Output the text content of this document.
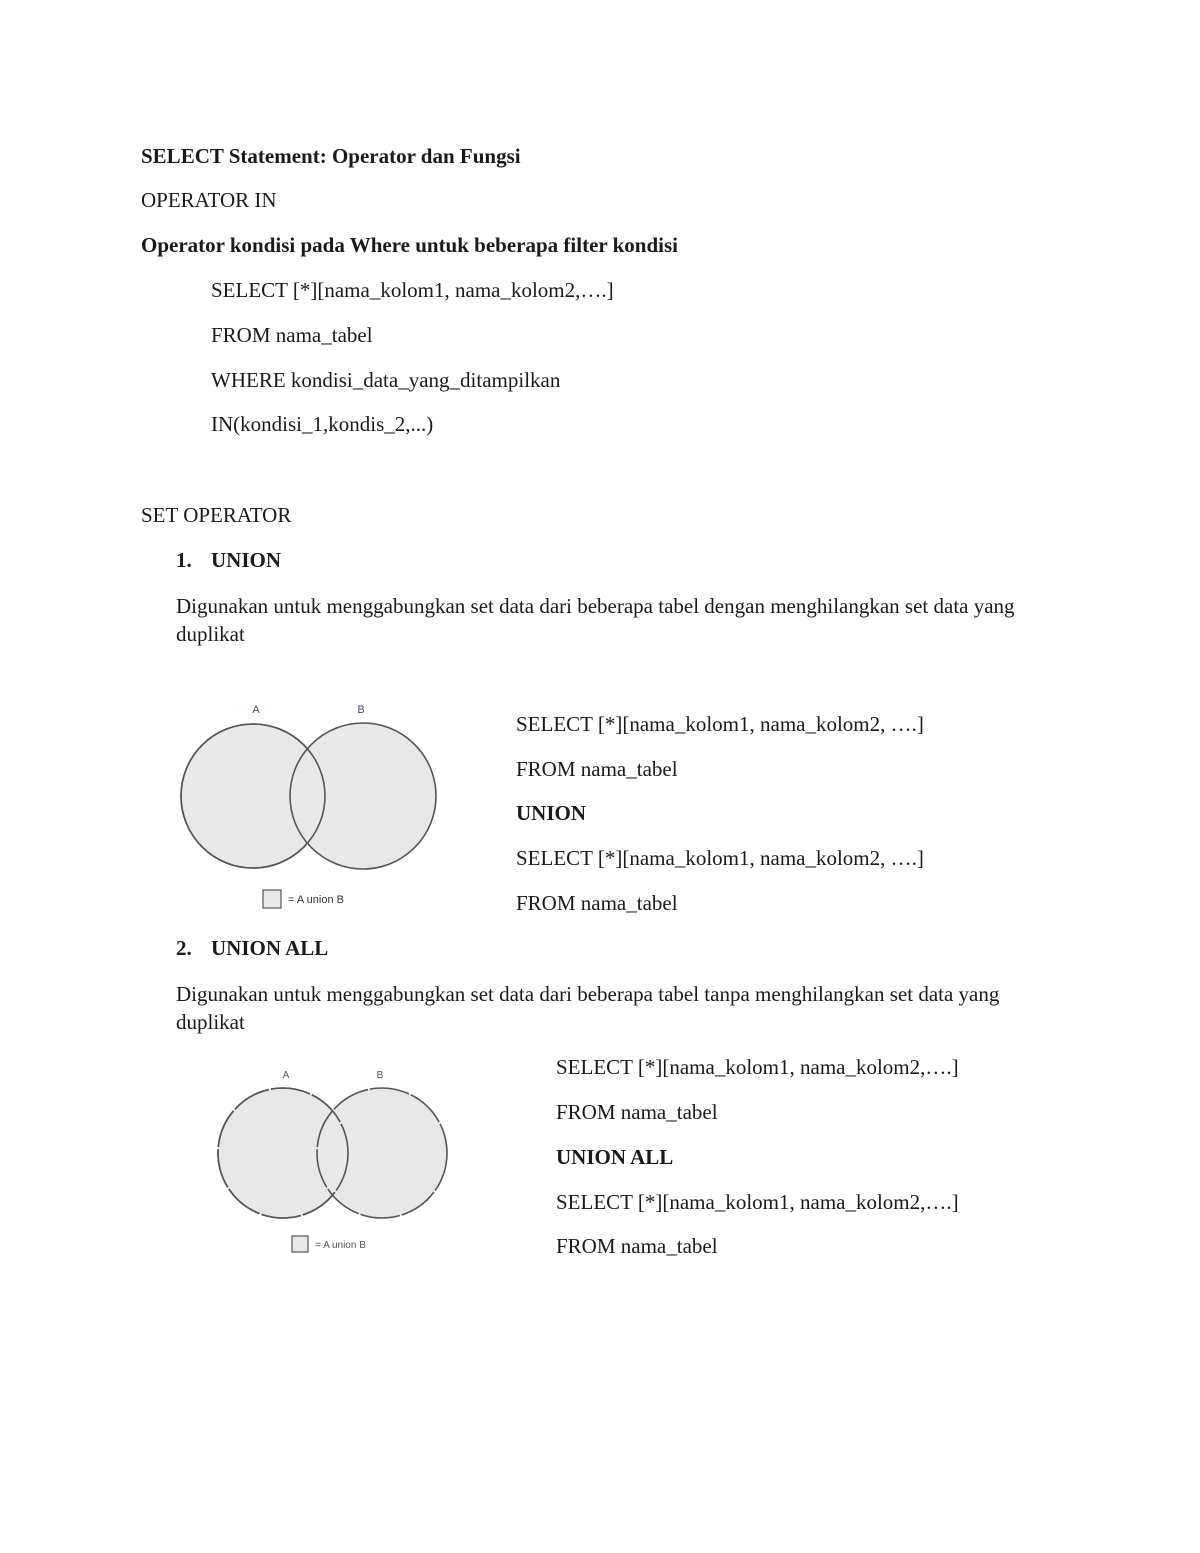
SELECT Statement: Operator dan Fungsi
OPERATOR IN
Operator kondisi pada Where untuk beberapa filter kondisi
SELECT [*][nama_kolom1, nama_kolom2,….]
FROM nama_tabel
WHERE kondisi_data_yang_ditampilkan
IN(kondisi_1,kondis_2,...)
SET OPERATOR
1. UNION
Digunakan untuk menggabungkan set data dari beberapa tabel dengan menghilangkan set data yang duplikat
A	B
= A union B
SELECT [*][nama_kolom1, nama_kolom2, ….]
FROM nama_tabel
UNION
SELECT [*][nama_kolom1, nama_kolom2, ….]
FROM nama_tabel
2. UNION ALL
Digunakan untuk menggabungkan set data dari beberapa tabel tanpa menghilangkan set data yang duplikat
A	B
= A union B
SELECT [*][nama_kolom1, nama_kolom2,….]
FROM nama_tabel
UNION ALL
SELECT [*][nama_kolom1, nama_kolom2,….]
FROM nama_tabel
